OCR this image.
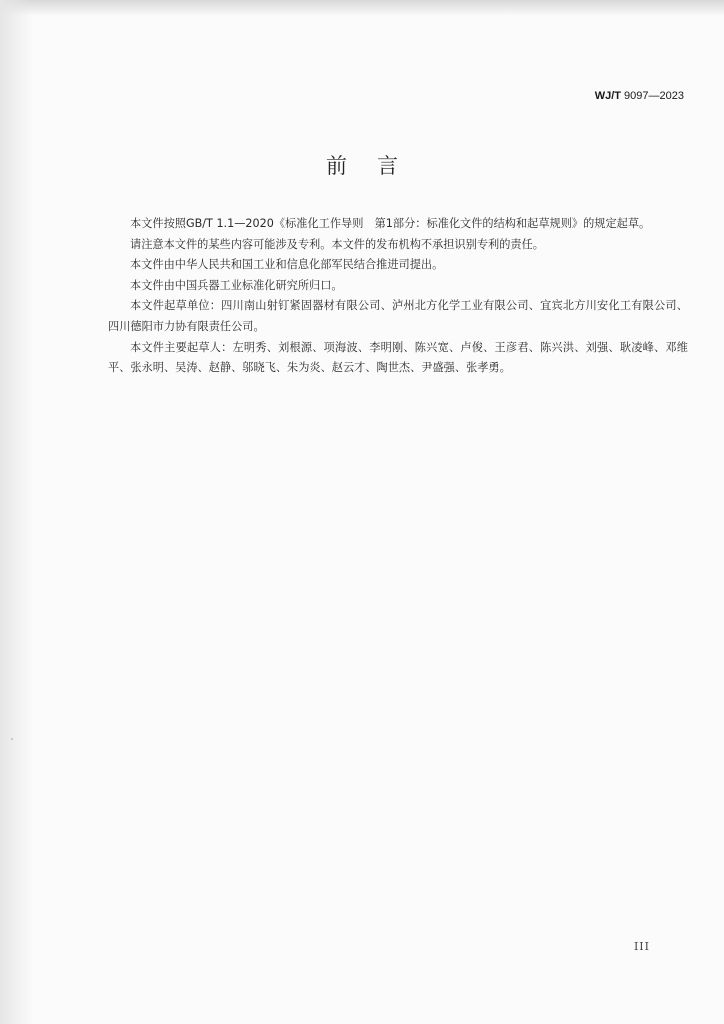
WJ/T 9097—2023
前言

本文件按照GB/T 1.1—2020《标准化工作导则　第1部分：标准化文件的结构和起草规则》的规定起草。

请注意本文件的某些内容可能涉及专利。本文件的发布机构不承担识别专利的责任。

本文件由中华人民共和国工业和信息化部军民结合推进司提出。

本文件由中国兵器工业标准化研究所归口。

本文件起草单位：四川南山射钉紧固器材有限公司、泸州北方化学工业有限公司、宜宾北方川安化工有限公司、四川德阳市力协有限责任公司。

本文件主要起草人：左明秀、刘根源、项海波、李明刚、陈兴宽、卢俊、王彦君、陈兴洪、刘强、耿凌峰、邓维平、张永明、吴涛、赵静、邬晓飞、朱为炎、赵云才、陶世杰、尹盛强、张孝勇。

III
